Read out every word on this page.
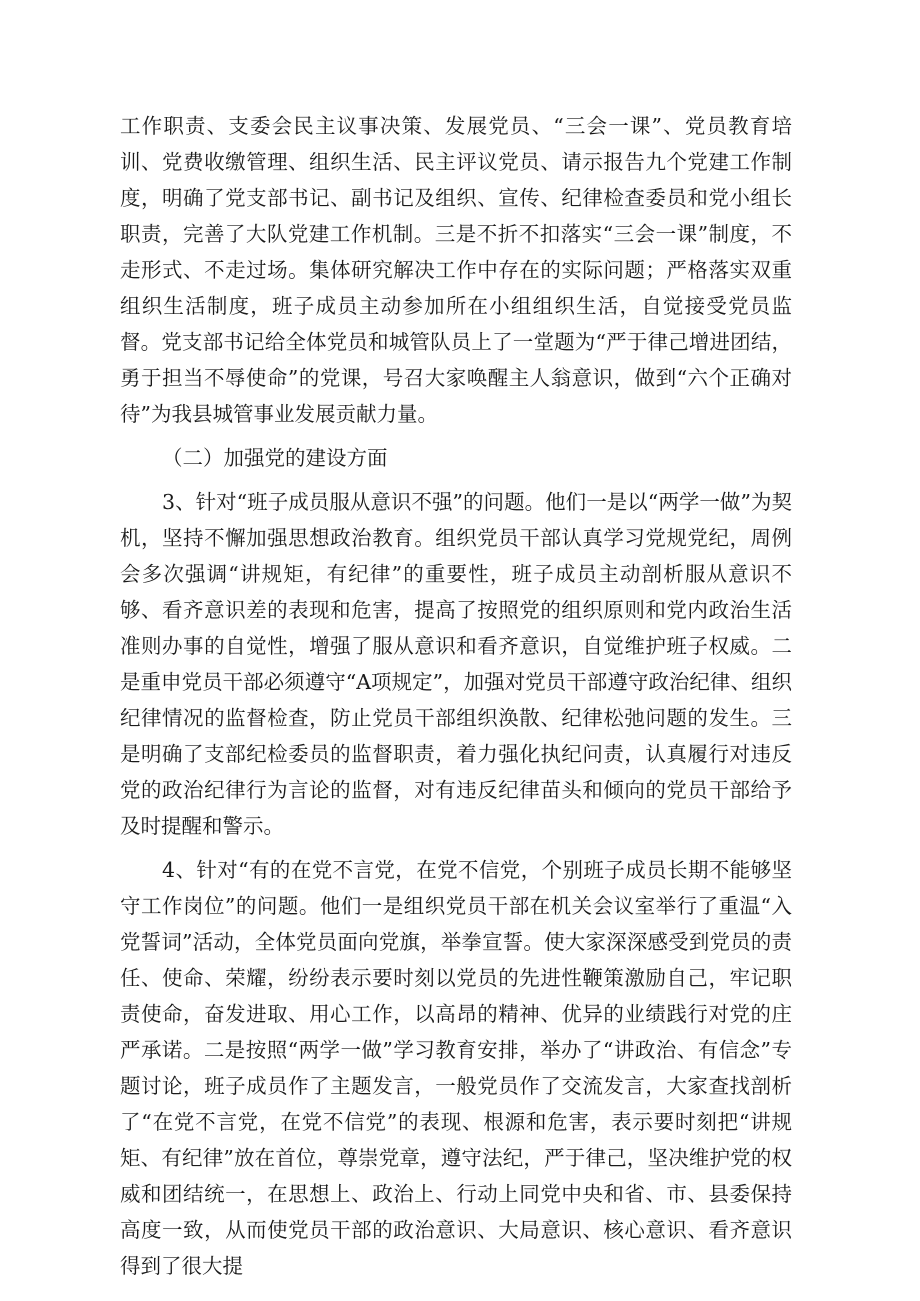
工作职责、支委会民主议事决策、发展党员、“三会一课”、党员教育培训、党费收缴管理、组织生活、民主评议党员、请示报告九个党建工作制度，明确了党支部书记、副书记及组织、宣传、纪律检查委员和党小组长职责，完善了大队党建工作机制。三是不折不扣落实“三会一课”制度，不走形式、不走过场。集体研究解决工作中存在的实际问题；严格落实双重组织生活制度，班子成员主动参加所在小组组织生活，自觉接受党员监督。党支部书记给全体党员和城管队员上了一堂题为“严于律己增进团结，勇于担当不辱使命”的党课，号召大家唤醒主人翁意识，做到“六个正确对待”为我县城管事业发展贡献力量。

（二）加强党的建设方面

3、针对“班子成员服从意识不强”的问题。他们一是以“两学一做”为契机，坚持不懈加强思想政治教育。组织党员干部认真学习党规党纪，周例会多次强调“讲规矩，有纪律”的重要性，班子成员主动剖析服从意识不够、看齐意识差的表现和危害，提高了按照党的组织原则和党内政治生活准则办事的自觉性，增强了服从意识和看齐意识，自觉维护班子权威。二是重申党员干部必须遵守“A项规定”，加强对党员干部遵守政治纪律、组织纪律情况的监督检查，防止党员干部组织涣散、纪律松弛问题的发生。三是明确了支部纪检委员的监督职责，着力强化执纪问责，认真履行对违反党的政治纪律行为言论的监督，对有违反纪律苗头和倾向的党员干部给予及时提醒和警示。

4、针对“有的在党不言党，在党不信党，个别班子成员长期不能够坚守工作岗位”的问题。他们一是组织党员干部在机关会议室举行了重温“入党誓词”活动，全体党员面向党旗，举拳宣誓。使大家深深感受到党员的责任、使命、荣耀，纷纷表示要时刻以党员的先进性鞭策激励自己，牢记职责使命，奋发进取、用心工作，以高昂的精神、优异的业绩践行对党的庄严承诺。二是按照“两学一做”学习教育安排，举办了“讲政治、有信念”专题讨论，班子成员作了主题发言，一般党员作了交流发言，大家查找剖析了“在党不言党，在党不信党”的表现、根源和危害，表示要时刻把“讲规矩、有纪律”放在首位，尊崇党章，遵守法纪，严于律己，坚决维护党的权威和团结统一，在思想上、政治上、行动上同党中央和省、市、县委保持高度一致，从而使党员干部的政治意识、大局意识、核心意识、看齐意识得到了很大提
